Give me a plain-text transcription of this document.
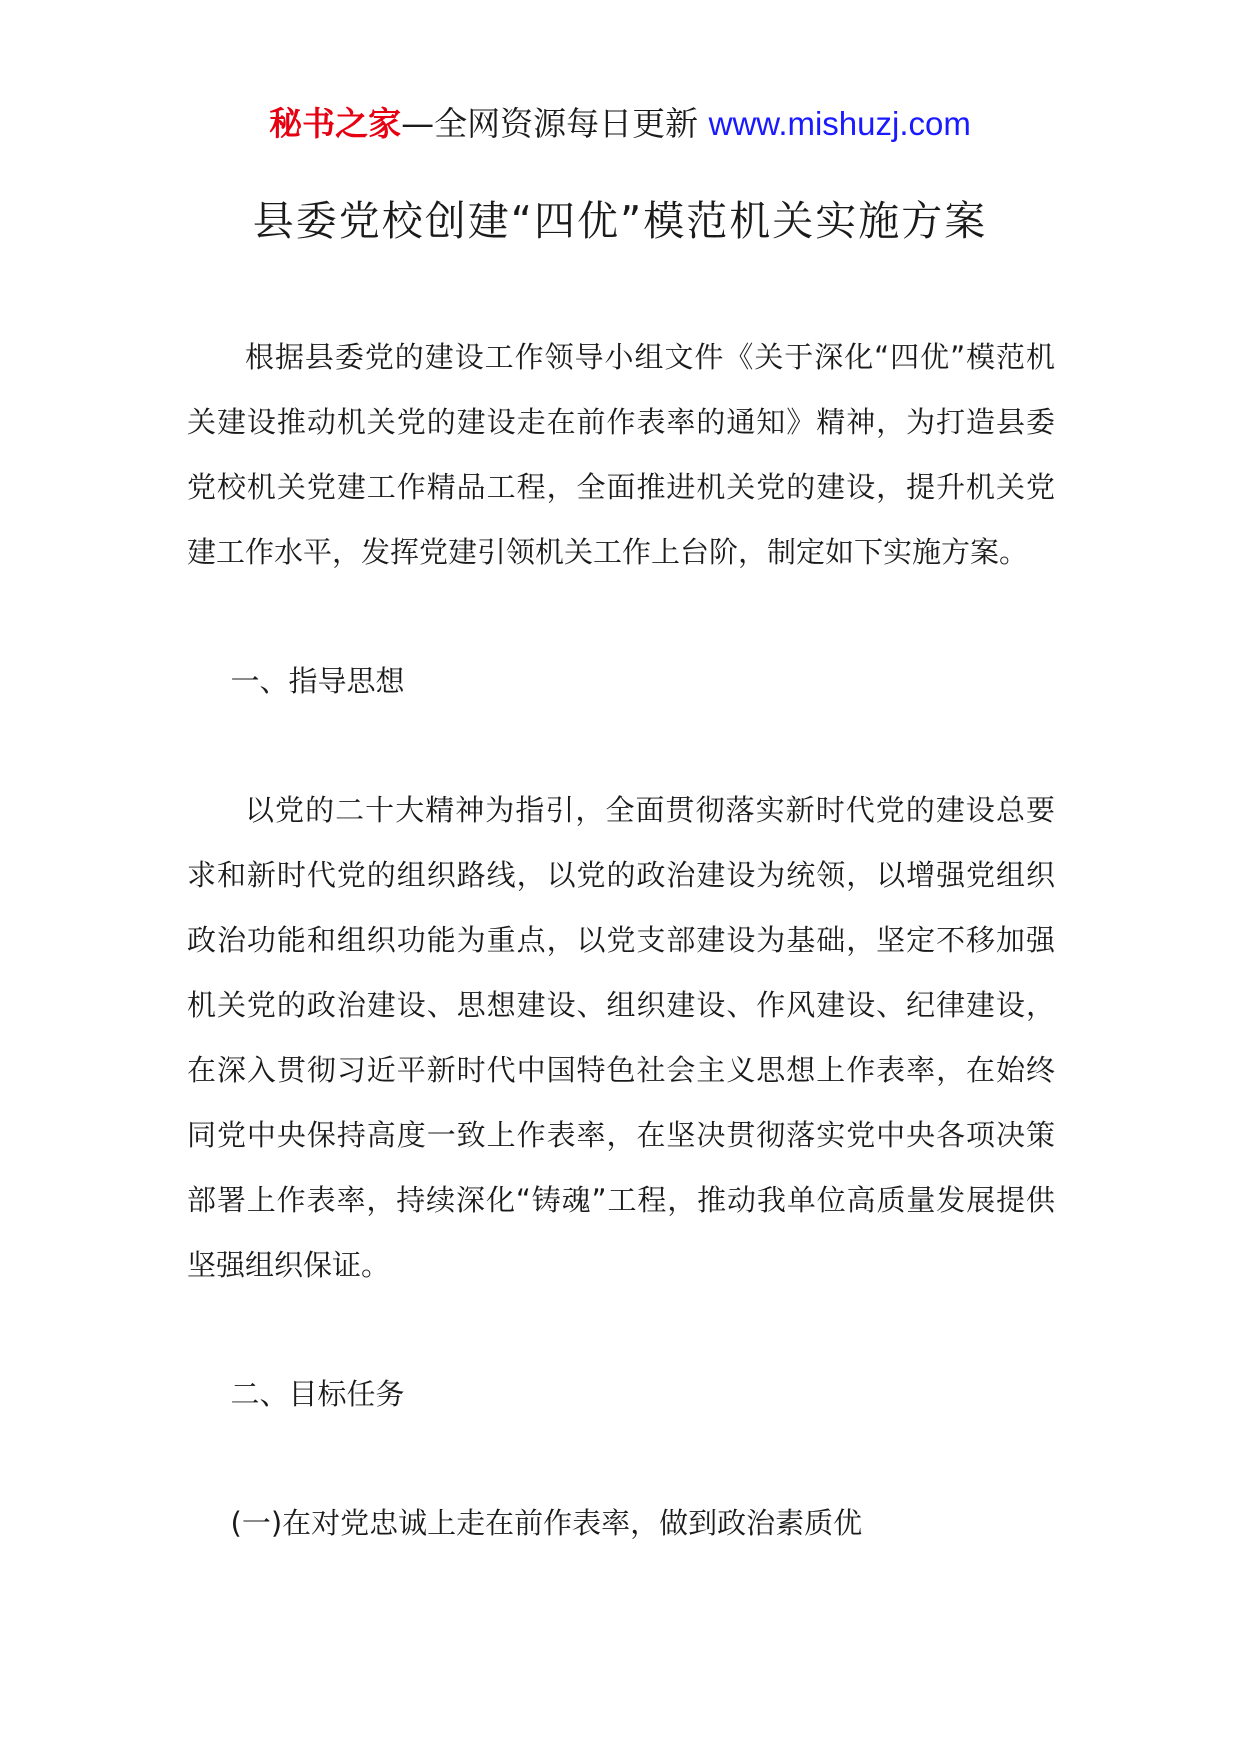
秘书之家—全网资源每日更新 www.mishuzj.com
县委党校创建“四优”模范机关实施方案

根据县委党的建设工作领导小组文件《关于深化“四优”模范机关建设推动机关党的建设走在前作表率的通知》精神，为打造县委党校机关党建工作精品工程，全面推进机关党的建设，提升机关党建工作水平，发挥党建引领机关工作上台阶，制定如下实施方案。

一、指导思想

以党的二十大精神为指引，全面贯彻落实新时代党的建设总要求和新时代党的组织路线，以党的政治建设为统领，以增强党组织政治功能和组织功能为重点，以党支部建设为基础，坚定不移加强机关党的政治建设、思想建设、组织建设、作风建设、纪律建设，在深入贯彻习近平新时代中国特色社会主义思想上作表率，在始终同党中央保持高度一致上作表率，在坚决贯彻落实党中央各项决策部署上作表率，持续深化“铸魂”工程，推动我单位高质量发展提供坚强组织保证。

二、目标任务

(一)在对党忠诚上走在前作表率，做到政治素质优
